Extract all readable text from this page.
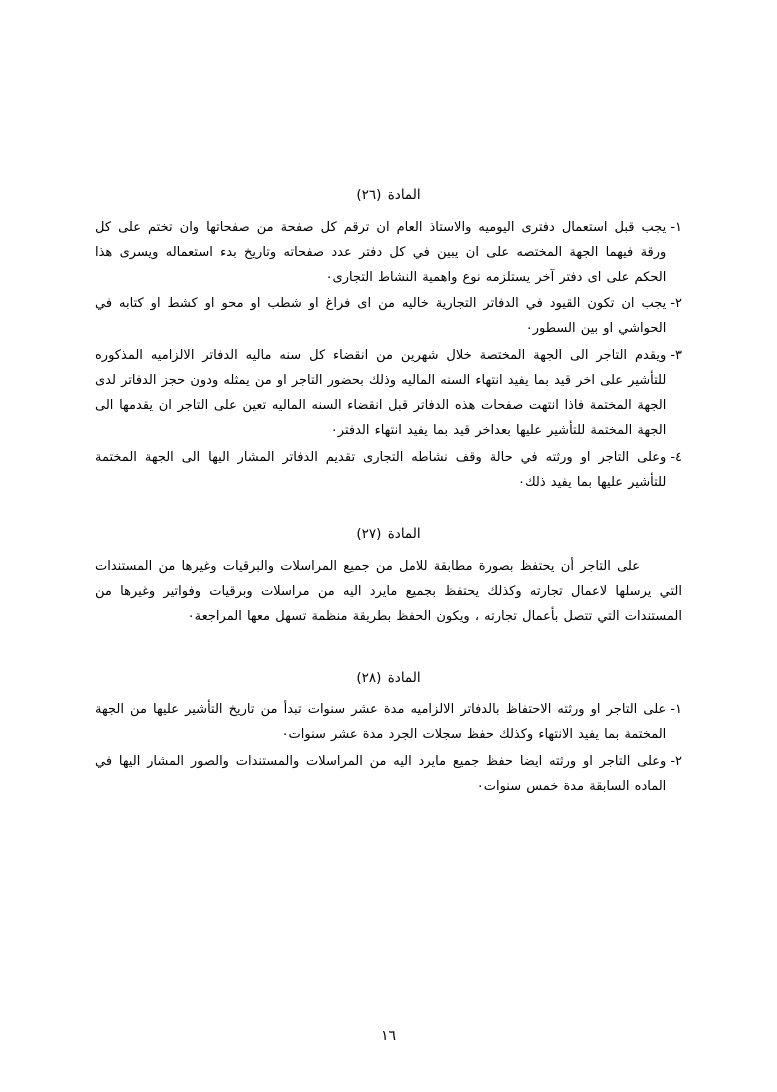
المادة (٢٦)
١-
يجب قبل استعمال دفترى اليوميه والاستاذ العام ان ترقم كل صفحة من صفحاتها وان تختم على كل ورقة فيهما الجهة المختصه على ان يبين في كل دفتر عدد صفحاته وتاريخ بدء استعماله ويسرى هذا الحكم على اى دفتر آخر يستلزمه نوع واهمية النشاط التجارى٠
٢-
يجب ان تكون القيود في الدفاتر التجارية خاليه من اى فراغ او شطب او محو او كشط او كتابه في الحواشي او بين السطور٠
٣-
ويقدم التاجر الى الجهة المختصة خلال شهرين من انقضاء كل سنه ماليه الدفاتر الالزاميه المذكوره للتأشير على اخر قيد بما يفيد انتهاء السنه الماليه وذلك بحضور التاجر او من يمثله ودون حجز الدفاتر لدى الجهة المختمة فاذا انتهت صفحات هذه الدفاتر قبل انقضاء السنه الماليه تعين على التاجر ان يقدمها الى الجهة المختمة للتأشير عليها بعداخر قيد بما يفيد انتهاء الدفتر٠
٤-
وعلى التاجر او ورثته في حالة وقف نشاطه التجارى تقديم الدفاتر المشار اليها الى الجهة المختمة للتأشير عليها بما يفيد ذلك٠
المادة (٢٧)

على التاجر أن يحتفظ بصورة مطابقة للامل من جميع المراسلات والبرقيات وغيرها من المستندات التي يرسلها لاعمال تجارته وكذلك يحتفظ بجميع مايرد اليه من مراسلات وبرقيات وفواتير وغيرها من المستندات التي تتصل بأعمال تجارته ، ويكون الحفظ بطريقة منظمة تسهل معها المراجعة٠

المادة (٢٨)
١-
على التاجر او ورثته الاحتفاظ بالدفاتر الالزاميه مدة عشر سنوات تبدأ من تاريخ التأشير عليها من الجهة المختمة بما يفيد الانتهاء وكذلك حفظ سجلات الجرد مدة عشر سنوات٠
٢-
وعلى التاجر او ورثته ايضا حفظ جميع مايرد اليه من المراسلات والمستندات والصور المشار اليها في الماده السابقة مدة خمس سنوات٠
١٦
